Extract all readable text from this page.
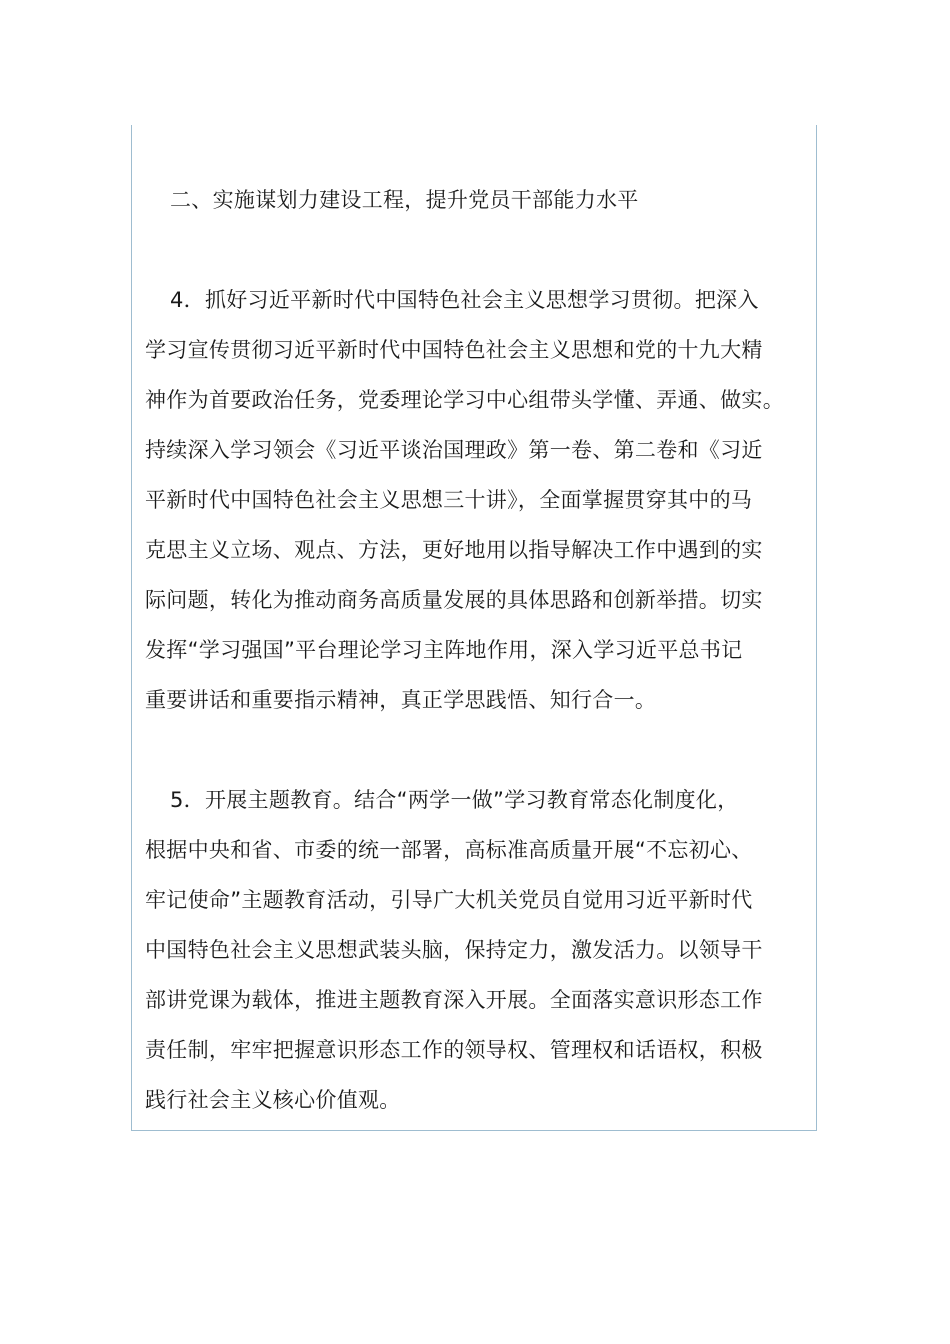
二、实施谋划力建设工程，提升党员干部能力水平

4．抓好习近平新时代中国特色社会主义思想学习贯彻。把深入
学习宣传贯彻习近平新时代中国特色社会主义思想和党的十九大精
神作为首要政治任务，党委理论学习中心组带头学懂、弄通、做实。
持续深入学习领会《习近平谈治国理政》第一卷、第二卷和《习近
平新时代中国特色社会主义思想三十讲》，全面掌握贯穿其中的马
克思主义立场、观点、方法，更好地用以指导解决工作中遇到的实
际问题，转化为推动商务高质量发展的具体思路和创新举措。切实
发挥“学习强国”平台理论学习主阵地作用，深入学习近平总书记
重要讲话和重要指示精神，真正学思践悟、知行合一。
5．开展主题教育。结合“两学一做”学习教育常态化制度化，
根据中央和省、市委的统一部署，高标准高质量开展“不忘初心、
牢记使命”主题教育活动，引导广大机关党员自觉用习近平新时代
中国特色社会主义思想武装头脑，保持定力，激发活力。以领导干
部讲党课为载体，推进主题教育深入开展。全面落实意识形态工作
责任制，牢牢把握意识形态工作的领导权、管理权和话语权，积极
践行社会主义核心价值观。
